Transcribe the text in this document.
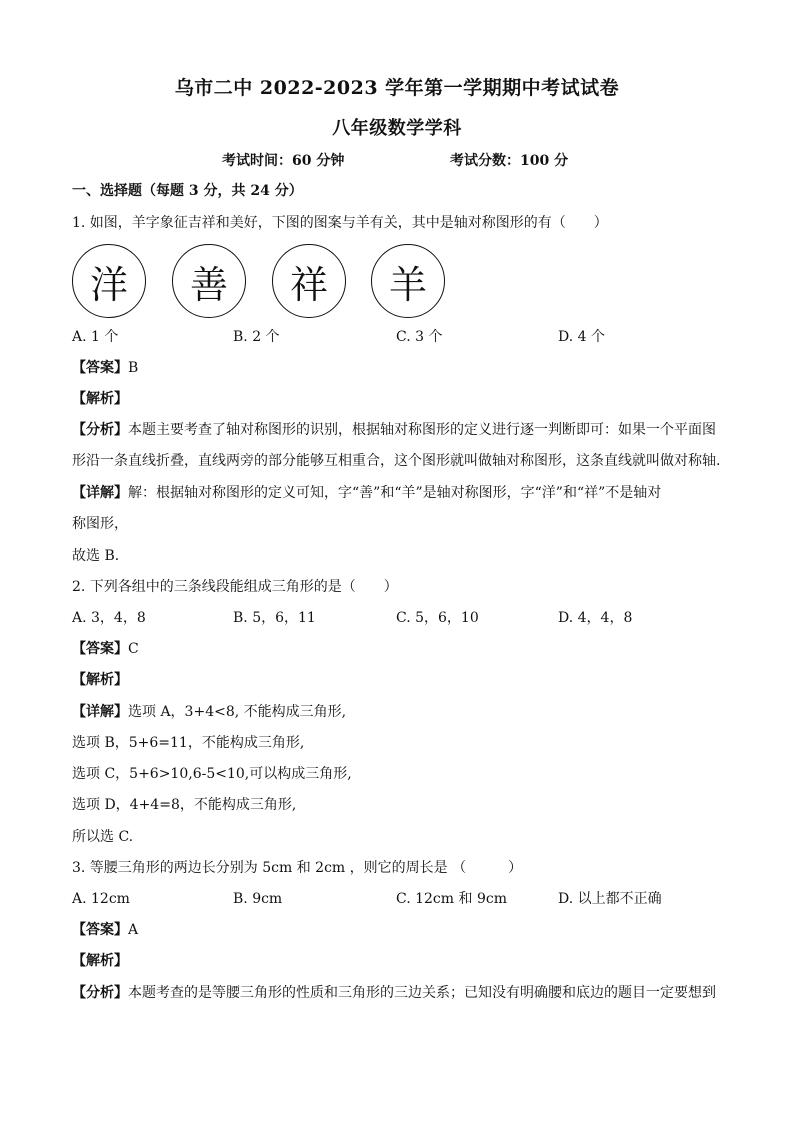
乌市二中 2022-2023 学年第一学期期中考试试卷
八年级数学学科
考试时间：60 分钟	考试分数：100 分
一、选择题（每题 3 分，共 24 分）
1. 如图，羊字象征吉祥和美好，下图的图案与羊有关，其中是轴对称图形的有（　　）
洋	善	祥	羊
A. 1 个	B. 2 个	C. 3 个	D. 4 个
【答案】B
【解析】
【分析】本题主要考查了轴对称图形的识别，根据轴对称图形的定义进行逐一判断即可：如果一个平面图
形沿一条直线折叠，直线两旁的部分能够互相重合，这个图形就叫做轴对称图形，这条直线就叫做对称轴.
【详解】解：根据轴对称图形的定义可知，字“善”和“羊”是轴对称图形，字“洋”和“祥”不是轴对
称图形，
故选 B．
2. 下列各组中的三条线段能组成三角形的是（　　）
A. 3，4，8	B. 5，6，11	C. 5，6，10	D. 4，4，8
【答案】C
【解析】
【详解】选项 A，3+4<8, 不能构成三角形,
选项 B，5+6=11，不能构成三角形,
选项 C，5+6>10,6-5<10,可以构成三角形,
选项 D，4+4=8，不能构成三角形,
所以选 C.
3. 等腰三角形的两边长分别为 5cm 和 2cm ，则它的周长是 （　　　）
A. 12cm	B. 9cm	C. 12cm 和 9cm	D. 以上都不正确
【答案】A
【解析】
【分析】本题考查的是等腰三角形的性质和三角形的三边关系；已知没有明确腰和底边的题目一定要想到
